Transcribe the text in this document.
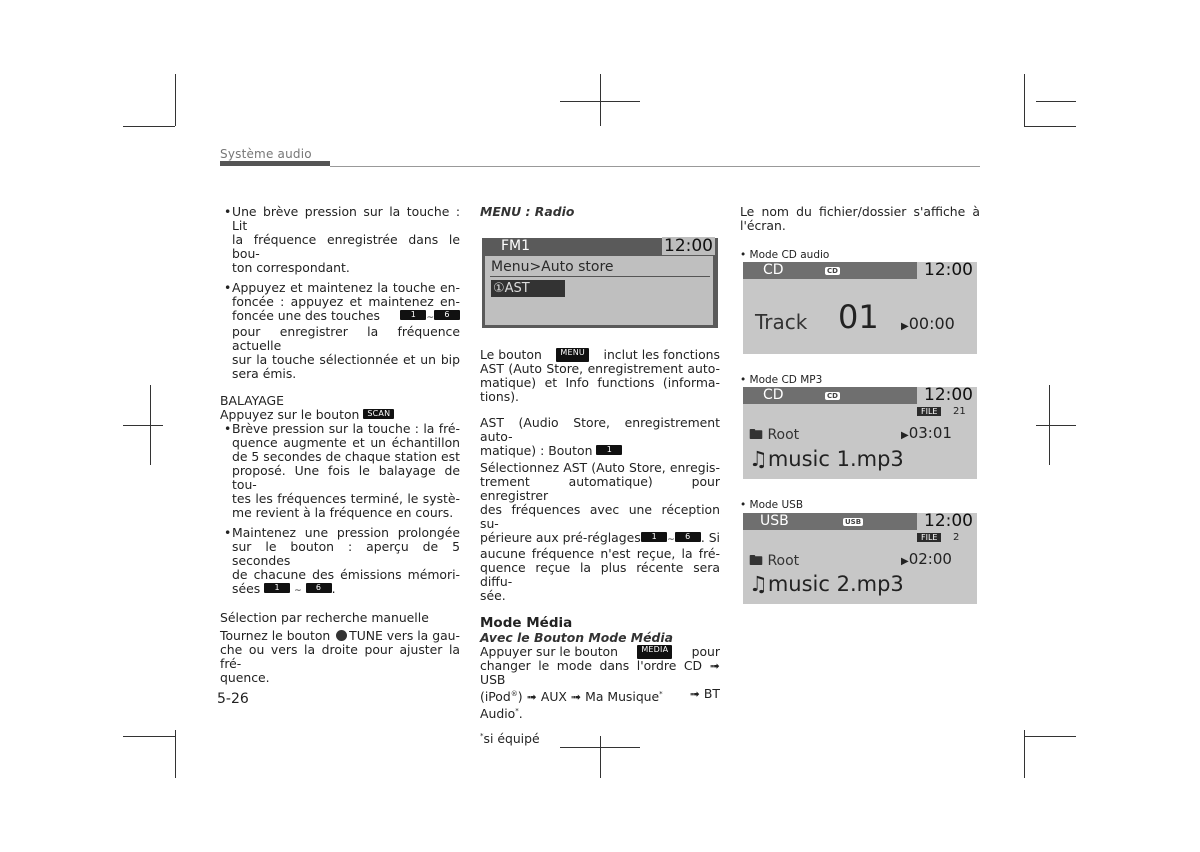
Système audio
• Une brève pression sur la touche : Lit

la fréquence enregistrée dans le bou-

ton correspondant.

• Appuyez et maintenez la touche en-

foncée : appuyez et maintenez en-

foncée une des touches	1 ~ 6

pour enregistrer la fréquence actuelle

sur la touche sélectionnée et un bip

sera émis.

BALAYAGE

Appuyez sur le bouton SCAN

• Brève pression sur la touche : la fré-

quence augmente et un échantillon

de 5 secondes de chaque station est

proposé. Une fois le balayage de tou-

tes les fréquences terminé, le systè-

me revient à la fréquence en cours.

• Maintenez une pression prolongée

sur le bouton : aperçu de 5 secondes

de chacune des émissions mémori-

sées 1 ~ 6 .

Sélection par recherche manuelle

Tournez le bouton	TUNE vers la gau-

che ou vers la droite pour ajuster la fré-

quence.

MENU : Radio

FM1	12:00
Menu>Auto store
①AST

Le bouton	MENU	inclut les fonctions

AST (Auto Store, enregistrement auto-

matique) et Info functions (informa-

tions).

AST (Audio Store, enregistrement auto-

matique) : Bouton 1

Sélectionnez AST (Auto Store, enregis-

trement automatique) pour enregistrer

des fréquences avec une réception su-

périeure aux pré-réglages	1 ~ 6 . Si

aucune fréquence n'est reçue, la fré-

quence reçue la plus récente sera diffu-

sée.

Mode Média

Avec le Bouton Mode Média

Appuyer sur le bouton	MEDIA	pour

changer le mode dans l'ordre CD ➟ USB

(iPod®) ➟ AUX ➟ Ma Musique* ➟ BT

Audio*.

*si équipé

Le nom du fichier/dossier s'affiche à

l'écran.

• Mode CD audio
CD	CD	12:00
Track 01 ▶00:00
• Mode CD MP3
CD	CD	12:00
FILE	21
🖿 Root	▶03:01
♫music 1.mp3
• Mode USB
USB	USB	12:00
FILE	2
🖿 Root	▶02:00
♫music 2.mp3
5-26
